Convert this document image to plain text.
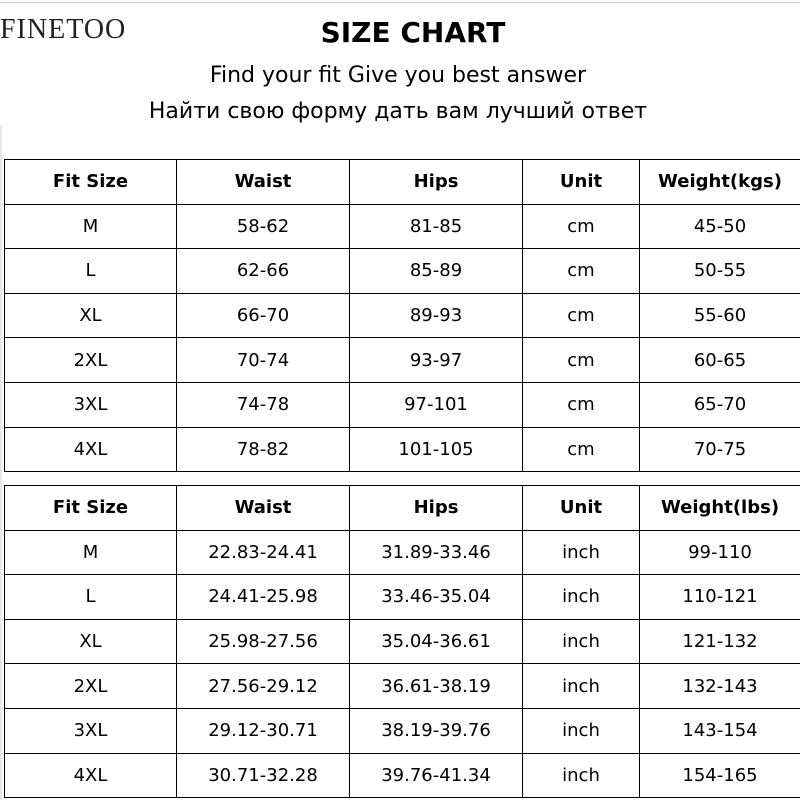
FINETOO	SIZE CHART
Find your fit Give you best answer
Найти свою форму дать вам лучший ответ
Fit Size	Waist	Hips	Unit	Weight(kgs)
M	58-62	81-85	cm	45-50
L	62-66	85-89	cm	50-55
XL	66-70	89-93	cm	55-60
2XL	70-74	93-97	cm	60-65
3XL	74-78	97-101	cm	65-70
4XL	78-82	101-105	cm	70-75
Fit Size	Waist	Hips	Unit	Weight(lbs)
M	22.83-24.41	31.89-33.46	inch	99-110
L	24.41-25.98	33.46-35.04	inch	110-121
XL	25.98-27.56	35.04-36.61	inch	121-132
2XL	27.56-29.12	36.61-38.19	inch	132-143
3XL	29.12-30.71	38.19-39.76	inch	143-154
4XL	30.71-32.28	39.76-41.34	inch	154-165
